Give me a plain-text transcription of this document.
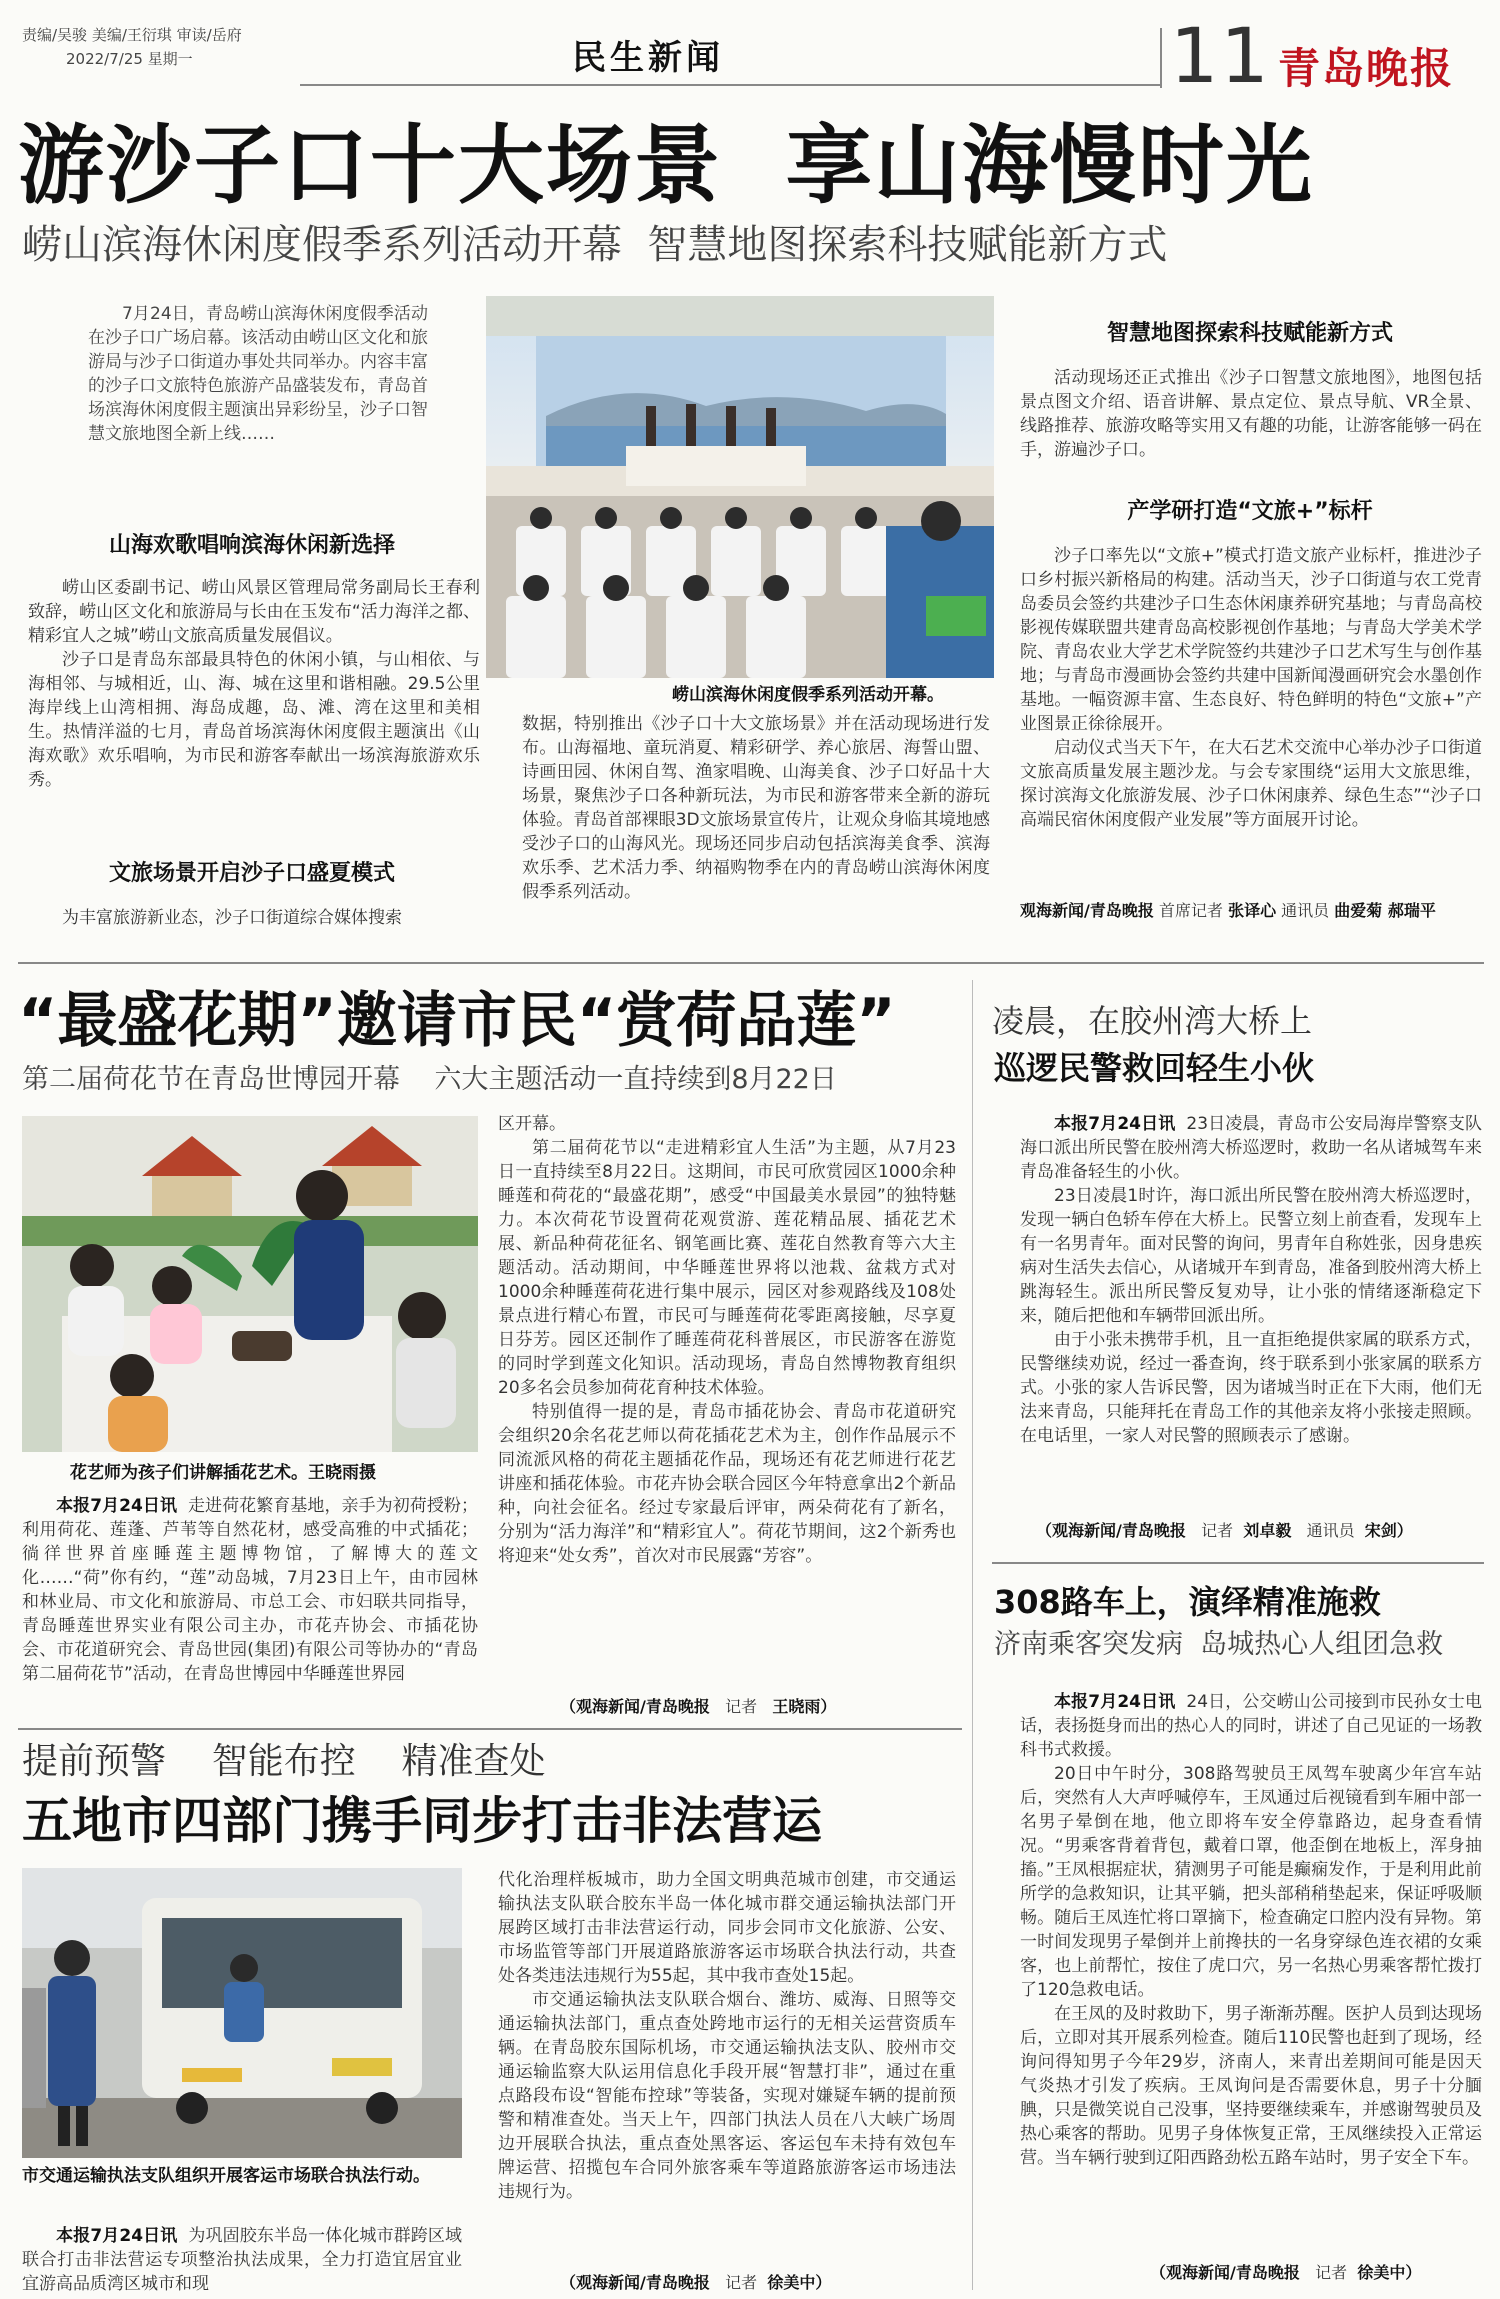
责编/吴骏 美编/王衍琪 审读/岳府
2022/7/25 星期一	民生新闻	11 青岛晚报
游沙子口十大场景  享山海慢时光
崂山滨海休闲度假季系列活动开幕  智慧地图探索科技赋能新方式
7月24日，青岛崂山滨海休闲度假季活动在沙子口广场启幕。该活动由崂山区文化和旅游局与沙子口街道办事处共同举办。内容丰富的沙子口文旅特色旅游产品盛装发布，青岛首场滨海休闲度假主题演出异彩纷呈，沙子口智慧文旅地图全新上线……
山海欢歌唱响滨海休闲新选择

崂山区委副书记、崂山风景区管理局常务副局长王春利致辞，崂山区文化和旅游局与长由在玉发布“活力海洋之都、精彩宜人之城”崂山文旅高质量发展倡议。

沙子口是青岛东部最具特色的休闲小镇，与山相依、与海相邻、与城相近，山、海、城在这里和谐相融。29.5公里海岸线上山湾相拥、海岛成趣，岛、滩、湾在这里和美相生。热情洋溢的七月，青岛首场滨海休闲度假主题演出《山海欢歌》欢乐唱响，为市民和游客奉献出一场滨海旅游欢乐秀。

文旅场景开启沙子口盛夏模式
为丰富旅游新业态，沙子口街道综合媒体搜索
崂山滨海休闲度假季系列活动开幕。
数据，特别推出《沙子口十大文旅场景》并在活动现场进行发布。山海福地、童玩消夏、精彩研学、养心旅居、海誓山盟、诗画田园、休闲自驾、渔家唱晚、山海美食、沙子口好品十大场景，聚焦沙子口各种新玩法，为市民和游客带来全新的游玩体验。青岛首部裸眼3D文旅场景宣传片，让观众身临其境地感受沙子口的山海风光。现场还同步启动包括滨海美食季、滨海欢乐季、艺术活力季、纳福购物季在内的青岛崂山滨海休闲度假季系列活动。
智慧地图探索科技赋能新方式
活动现场还正式推出《沙子口智慧文旅地图》，地图包括景点图文介绍、语音讲解、景点定位、景点导航、VR全景、线路推荐、旅游攻略等实用又有趣的功能，让游客能够一码在手，游遍沙子口。
产学研打造“文旅+”标杆

沙子口率先以“文旅+”模式打造文旅产业标杆，推进沙子口乡村振兴新格局的构建。活动当天，沙子口街道与农工党青岛委员会签约共建沙子口生态休闲康养研究基地；与青岛高校影视传媒联盟共建青岛高校影视创作基地；与青岛大学美术学院、青岛农业大学艺术学院签约共建沙子口艺术写生与创作基地；与青岛市漫画协会签约共建中国新闻漫画研究会水墨创作基地。一幅资源丰富、生态良好、特色鲜明的特色“文旅+”产业图景正徐徐展开。

启动仪式当天下午，在大石艺术交流中心举办沙子口街道文旅高质量发展主题沙龙。与会专家围绕“运用大文旅思维，探讨滨海文化旅游发展、沙子口休闲康养、绿色生态”“沙子口高端民宿休闲度假产业发展”等方面展开讨论。

观海新闻/青岛晚报 首席记者 张译心 通讯员 曲爱菊 郝瑞平
“最盛花期”邀请市民“赏荷品莲”
第二届荷花节在青岛世博园开幕    六大主题活动一直持续到8月22日
花艺师为孩子们讲解插花艺术。王晓雨摄
本报7月24日讯 走进荷花繁育基地，亲手为初荷授粉；利用荷花、莲蓬、芦苇等自然花材，感受高雅的中式插花；徜徉世界首座睡莲主题博物馆，了解博大的莲文化……“荷”你有约，“莲”动岛城，7月23日上午，由市园林和林业局、市文化和旅游局、市总工会、市妇联共同指导，青岛睡莲世界实业有限公司主办，市花卉协会、市插花协会、市花道研究会、青岛世园(集团)有限公司等协办的“青岛第二届荷花节”活动，在青岛世博园中华睡莲世界园

区开幕。

第二届荷花节以“走进精彩宜人生活”为主题，从7月23日一直持续至8月22日。这期间，市民可欣赏园区1000余种睡莲和荷花的“最盛花期”，感受“中国最美水景园”的独特魅力。本次荷花节设置荷花观赏游、莲花精品展、插花艺术展、新品种荷花征名、钢笔画比赛、莲花自然教育等六大主题活动。活动期间，中华睡莲世界将以池栽、盆栽方式对1000余种睡莲荷花进行集中展示，园区对参观路线及108处景点进行精心布置，市民可与睡莲荷花零距离接触，尽享夏日芬芳。园区还制作了睡莲荷花科普展区，市民游客在游览的同时学到莲文化知识。活动现场，青岛自然博物教育组织20多名会员参加荷花育种技术体验。

特别值得一提的是，青岛市插花协会、青岛市花道研究会组织20余名花艺师以荷花插花艺术为主，创作作品展示不同流派风格的荷花主题插花作品，现场还有花艺师进行花艺讲座和插花体验。市花卉协会联合园区今年特意拿出2个新品种，向社会征名。经过专家最后评审，两朵荷花有了新名，分别为“活力海洋”和“精彩宜人”。荷花节期间，这2个新秀也将迎来“处女秀”，首次对市民展露“芳容”。

（观海新闻/青岛晚报 记者 王晓雨）
凌晨，在胶州湾大桥上
巡逻民警救回轻生小伙

本报7月24日讯 23日凌晨，青岛市公安局海岸警察支队海口派出所民警在胶州湾大桥巡逻时，救助一名从诸城驾车来青岛准备轻生的小伙。

23日凌晨1时许，海口派出所民警在胶州湾大桥巡逻时，发现一辆白色轿车停在大桥上。民警立刻上前查看，发现车上有一名男青年。面对民警的询问，男青年自称姓张，因身患疾病对生活失去信心，从诸城开车到青岛，准备到胶州湾大桥上跳海轻生。派出所民警反复劝导，让小张的情绪逐渐稳定下来，随后把他和车辆带回派出所。

由于小张未携带手机，且一直拒绝提供家属的联系方式，民警继续劝说，经过一番查询，终于联系到小张家属的联系方式。小张的家人告诉民警，因为诸城当时正在下大雨，他们无法来青岛，只能拜托在青岛工作的其他亲友将小张接走照顾。在电话里，一家人对民警的照顾表示了感谢。

（观海新闻/青岛晚报 记者 刘卓毅 通讯员 宋剑）
308路车上，演绎精准施救
济南乘客突发病  岛城热心人组团急救

本报7月24日讯 24日，公交崂山公司接到市民孙女士电话，表扬挺身而出的热心人的同时，讲述了自己见证的一场教科书式救援。

20日中午时分，308路驾驶员王凤驾车驶离少年宫车站后，突然有人大声呼喊停车，王凤通过后视镜看到车厢中部一名男子晕倒在地，他立即将车安全停靠路边，起身查看情况。“男乘客背着背包，戴着口罩，他歪倒在地板上，浑身抽搐。”王凤根据症状，猜测男子可能是癫痫发作，于是利用此前所学的急救知识，让其平躺，把头部稍稍垫起来，保证呼吸顺畅。随后王凤连忙将口罩摘下，检查确定口腔内没有异物。第一时间发现男子晕倒并上前搀扶的一名身穿绿色连衣裙的女乘客，也上前帮忙，按住了虎口穴，另一名热心男乘客帮忙拨打了120急救电话。

在王凤的及时救助下，男子渐渐苏醒。医护人员到达现场后，立即对其开展系列检查。随后110民警也赶到了现场，经询问得知男子今年29岁，济南人，来青出差期间可能是因天气炎热才引发了疾病。王凤询问是否需要休息，男子十分腼腆，只是微笑说自己没事，坚持要继续乘车，并感谢驾驶员及热心乘客的帮助。见男子身体恢复正常，王凤继续投入正常运营。当车辆行驶到辽阳西路劲松五路车站时，男子安全下车。

（观海新闻/青岛晚报 记者 徐美中）
提前预警    智能布控    精准查处
五地市四部门携手同步打击非法营运
市交通运输执法支队组织开展客运市场联合执法行动。
本报7月24日讯 为巩固胶东半岛一体化城市群跨区域联合打击非法营运专项整治执法成果，全力打造宜居宜业宜游高品质湾区城市和现

代化治理样板城市，助力全国文明典范城市创建，市交通运输执法支队联合胶东半岛一体化城市群交通运输执法部门开展跨区域打击非法营运行动，同步会同市文化旅游、公安、市场监管等部门开展道路旅游客运市场联合执法行动，共查处各类违法违规行为55起，其中我市查处15起。

市交通运输执法支队联合烟台、潍坊、威海、日照等交通运输执法部门，重点查处跨地市运行的无相关运营资质车辆。在青岛胶东国际机场，市交通运输执法支队、胶州市交通运输监察大队运用信息化手段开展“智慧打非”，通过在重点路段布设“智能布控球”等装备，实现对嫌疑车辆的提前预警和精准查处。当天上午，四部门执法人员在八大峡广场周边开展联合执法，重点查处黑客运、客运包车未持有效包车牌运营、招揽包车合同外旅客乘车等道路旅游客运市场违法违规行为。

（观海新闻/青岛晚报 记者 徐美中）
